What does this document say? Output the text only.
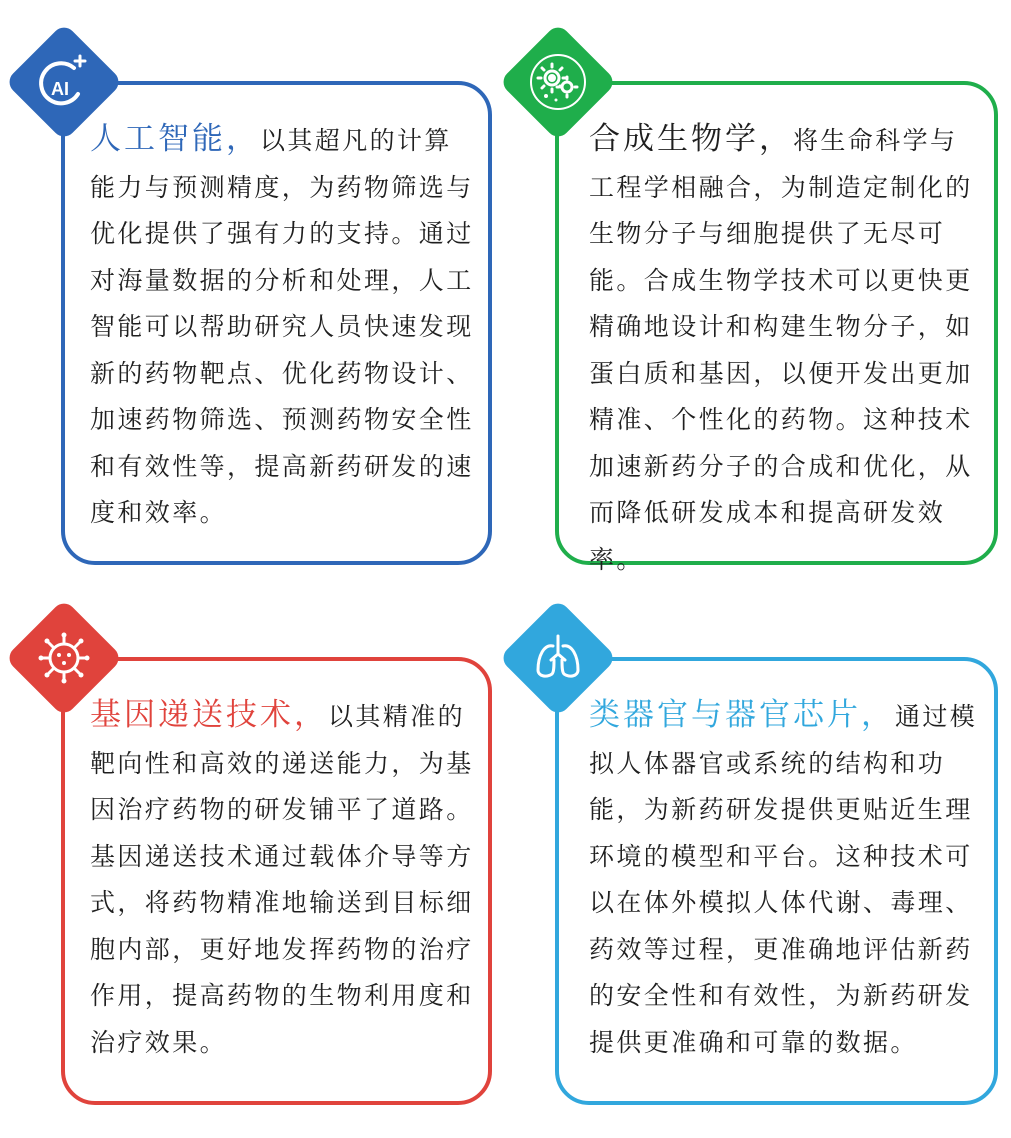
AI

人工智能，以其超凡的计算能力与预测精度，为药物筛选与优化提供了强有力的支持。通过对海量数据的分析和处理，人工智能可以帮助研究人员快速发现新的药物靶点、优化药物设计、加速药物筛选、预测药物安全性和有效性等，提高新药研发的速度和效率。

合成生物学，将生命科学与工程学相融合，为制造定制化的生物分子与细胞提供了无尽可能。合成生物学技术可以更快更精确地设计和构建生物分子，如蛋白质和基因，以便开发出更加精准、个性化的药物。这种技术加速新药分子的合成和优化，从而降低研发成本和提高研发效率。

基因递送技术，以其精准的靶向性和高效的递送能力，为基因治疗药物的研发铺平了道路。基因递送技术通过载体介导等方式，将药物精准地输送到目标细胞内部，更好地发挥药物的治疗作用，提高药物的生物利用度和治疗效果。

类器官与器官芯片，通过模拟人体器官或系统的结构和功能，为新药研发提供更贴近生理环境的模型和平台。这种技术可以在体外模拟人体代谢、毒理、药效等过程，更准确地评估新药的安全性和有效性，为新药研发提供更准确和可靠的数据。
